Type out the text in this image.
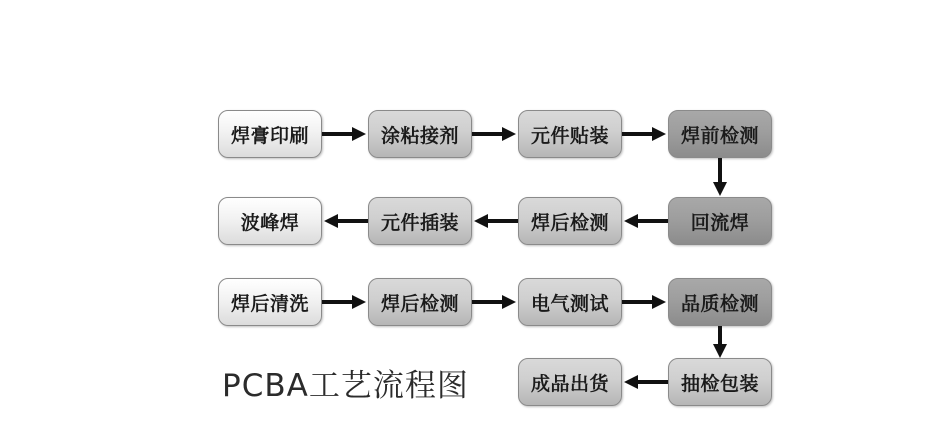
焊膏印刷	涂粘接剂	元件贴装	焊前检测
回流焊
焊后检测
元件插装
波峰焊
焊后清洗	焊后检测	电气测试	品质检测
抽检包装
成品出货
PCBA工艺流程图
